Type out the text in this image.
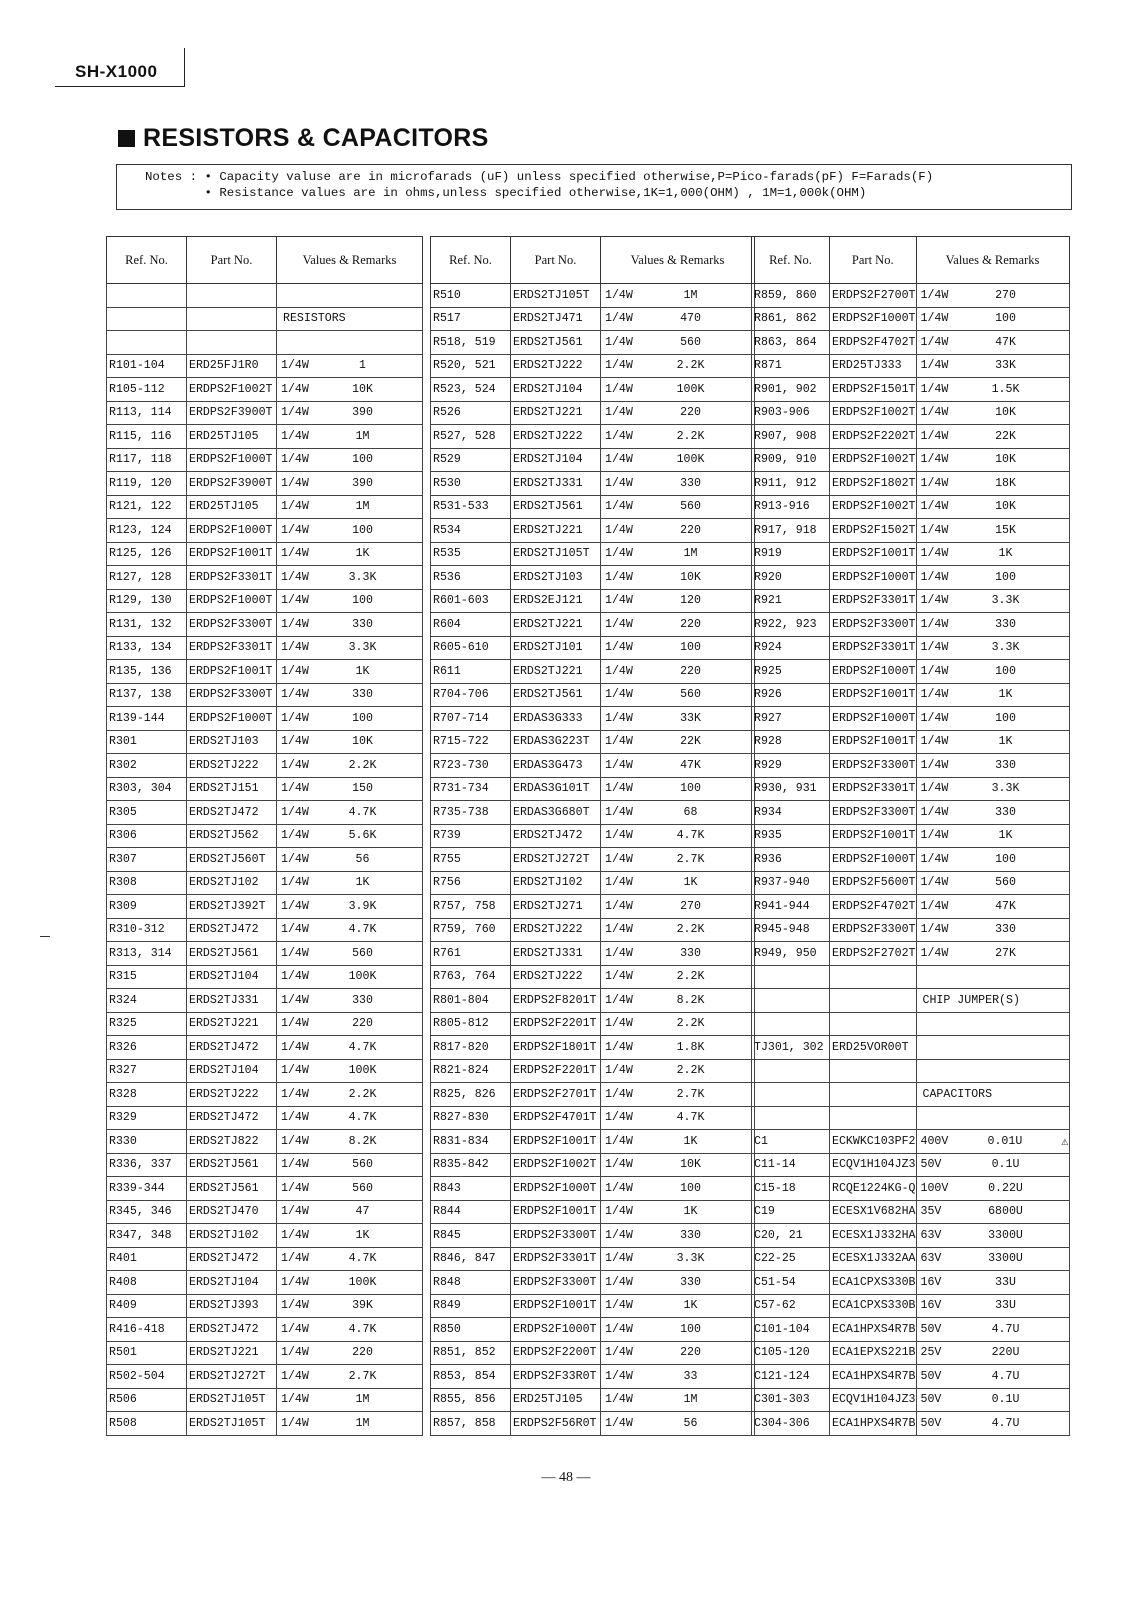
SH-X1000
RESISTORS & CAPACITORS
Notes : • Capacity valuse are in microfarads (uF) unless specified otherwise,P=Pico-farads(pF) F=Farads(F)
• Resistance values are in ohms,unless specified otherwise,1K=1,000(OHM) , 1M=1,000k(OHM)
Ref. No.	Part No.	Values & Remarks

		RESISTORS

R101-104	ERD25FJ1R0	1/4W 1

R105-112	ERDPS2F1002T	1/4W 10K

R113, 114	ERDPS2F3900T	1/4W 390

R115, 116	ERD25TJ105	1/4W 1M

R117, 118	ERDPS2F1000T	1/4W 100

R119, 120	ERDPS2F3900T	1/4W 390

R121, 122	ERD25TJ105	1/4W 1M

R123, 124	ERDPS2F1000T	1/4W 100

R125, 126	ERDPS2F1001T	1/4W 1K

R127, 128	ERDPS2F3301T	1/4W 3.3K

R129, 130	ERDPS2F1000T	1/4W 100

R131, 132	ERDPS2F3300T	1/4W 330

R133, 134	ERDPS2F3301T	1/4W 3.3K

R135, 136	ERDPS2F1001T	1/4W 1K

R137, 138	ERDPS2F3300T	1/4W 330

R139-144	ERDPS2F1000T	1/4W 100

R301	ERDS2TJ103	1/4W 10K

R302	ERDS2TJ222	1/4W 2.2K

R303, 304	ERDS2TJ151	1/4W 150

R305	ERDS2TJ472	1/4W 4.7K

R306	ERDS2TJ562	1/4W 5.6K

R307	ERDS2TJ560T	1/4W 56

R308	ERDS2TJ102	1/4W 1K

R309	ERDS2TJ392T	1/4W 3.9K

R310-312	ERDS2TJ472	1/4W 4.7K

R313, 314	ERDS2TJ561	1/4W 560

R315	ERDS2TJ104	1/4W 100K

R324	ERDS2TJ331	1/4W 330

R325	ERDS2TJ221	1/4W 220

R326	ERDS2TJ472	1/4W 4.7K

R327	ERDS2TJ104	1/4W 100K

R328	ERDS2TJ222	1/4W 2.2K

R329	ERDS2TJ472	1/4W 4.7K

R330	ERDS2TJ822	1/4W 8.2K

R336, 337	ERDS2TJ561	1/4W 560

R339-344	ERDS2TJ561	1/4W 560

R345, 346	ERDS2TJ470	1/4W 47

R347, 348	ERDS2TJ102	1/4W 1K

R401	ERDS2TJ472	1/4W 4.7K

R408	ERDS2TJ104	1/4W 100K

R409	ERDS2TJ393	1/4W 39K

R416-418	ERDS2TJ472	1/4W 4.7K

R501	ERDS2TJ221	1/4W 220

R502-504	ERDS2TJ272T	1/4W 2.7K

R506	ERDS2TJ105T	1/4W 1M

R508	ERDS2TJ105T	1/4W 1M
Ref. No.	Part No.	Values & Remarks
R510	ERDS2TJ105T	1/4W 1M

R517	ERDS2TJ471	1/4W 470

R518, 519	ERDS2TJ561	1/4W 560

R520, 521	ERDS2TJ222	1/4W 2.2K

R523, 524	ERDS2TJ104	1/4W 100K

R526	ERDS2TJ221	1/4W 220

R527, 528	ERDS2TJ222	1/4W 2.2K

R529	ERDS2TJ104	1/4W 100K

R530	ERDS2TJ331	1/4W 330

R531-533	ERDS2TJ561	1/4W 560

R534	ERDS2TJ221	1/4W 220

R535	ERDS2TJ105T	1/4W 1M

R536	ERDS2TJ103	1/4W 10K

R601-603	ERDS2EJ121	1/4W 120

R604	ERDS2TJ221	1/4W 220

R605-610	ERDS2TJ101	1/4W 100

R611	ERDS2TJ221	1/4W 220

R704-706	ERDS2TJ561	1/4W 560

R707-714	ERDAS3G333	1/4W 33K

R715-722	ERDAS3G223T	1/4W 22K

R723-730	ERDAS3G473	1/4W 47K

R731-734	ERDAS3G101T	1/4W 100

R735-738	ERDAS3G680T	1/4W 68

R739	ERDS2TJ472	1/4W 4.7K

R755	ERDS2TJ272T	1/4W 2.7K

R756	ERDS2TJ102	1/4W 1K

R757, 758	ERDS2TJ271	1/4W 270

R759, 760	ERDS2TJ222	1/4W 2.2K

R761	ERDS2TJ331	1/4W 330

R763, 764	ERDS2TJ222	1/4W 2.2K

R801-804	ERDPS2F8201T	1/4W 8.2K

R805-812	ERDPS2F2201T	1/4W 2.2K

R817-820	ERDPS2F1801T	1/4W 1.8K

R821-824	ERDPS2F2201T	1/4W 2.2K

R825, 826	ERDPS2F2701T	1/4W 2.7K

R827-830	ERDPS2F4701T	1/4W 4.7K

R831-834	ERDPS2F1001T	1/4W 1K

R835-842	ERDPS2F1002T	1/4W 10K

R843	ERDPS2F1000T	1/4W 100

R844	ERDPS2F1001T	1/4W 1K

R845	ERDPS2F3300T	1/4W 330

R846, 847	ERDPS2F3301T	1/4W 3.3K

R848	ERDPS2F3300T	1/4W 330

R849	ERDPS2F1001T	1/4W 1K

R850	ERDPS2F1000T	1/4W 100

R851, 852	ERDPS2F2200T	1/4W 220

R853, 854	ERDPS2F33R0T	1/4W 33

R855, 856	ERD25TJ105	1/4W 1M

R857, 858	ERDPS2F56R0T	1/4W 56
Ref. No.	Part No.	Values & Remarks
R859, 860	ERDPS2F2700T	1/4W 270

R861, 862	ERDPS2F1000T	1/4W 100

R863, 864	ERDPS2F4702T	1/4W 47K

R871	ERD25TJ333	1/4W 33K

R901, 902	ERDPS2F1501T	1/4W 1.5K

R903-906	ERDPS2F1002T	1/4W 10K

R907, 908	ERDPS2F2202T	1/4W 22K

R909, 910	ERDPS2F1002T	1/4W 10K

R911, 912	ERDPS2F1802T	1/4W 18K

R913-916	ERDPS2F1002T	1/4W 10K

R917, 918	ERDPS2F1502T	1/4W 15K

R919	ERDPS2F1001T	1/4W 1K

R920	ERDPS2F1000T	1/4W 100

R921	ERDPS2F3301T	1/4W 3.3K

R922, 923	ERDPS2F3300T	1/4W 330

R924	ERDPS2F3301T	1/4W 3.3K

R925	ERDPS2F1000T	1/4W 100

R926	ERDPS2F1001T	1/4W 1K

R927	ERDPS2F1000T	1/4W 100

R928	ERDPS2F1001T	1/4W 1K

R929	ERDPS2F3300T	1/4W 330

R930, 931	ERDPS2F3301T	1/4W 3.3K

R934	ERDPS2F3300T	1/4W 330

R935	ERDPS2F1001T	1/4W 1K

R936	ERDPS2F1000T	1/4W 100

R937-940	ERDPS2F5600T	1/4W 560

R941-944	ERDPS2F4702T	1/4W 47K

R945-948	ERDPS2F3300T	1/4W 330

R949, 950	ERDPS2F2702T	1/4W 27K

		CHIP JUMPER(S)

TJ301, 302	ERD25VOR00T	

		CAPACITORS

C1	ECKWKC103PF2	400V 0.01U ⚠

C11-14	ECQV1H104JZ3	50V 0.1U

C15-18	RCQE1224KG-Q	100V 0.22U

C19	ECESX1V682HA	35V 6800U

C20, 21	ECESX1J332HA	63V 3300U

C22-25	ECESX1J332AA	63V 3300U

C51-54	ECA1CPXS330B	16V 33U

C57-62	ECA1CPXS330B	16V 33U

C101-104	ECA1HPXS4R7B	50V 4.7U

C105-120	ECA1EPXS221B	25V 220U

C121-124	ECA1HPXS4R7B	50V 4.7U

C301-303	ECQV1H104JZ3	50V 0.1U

C304-306	ECA1HPXS4R7B	50V 4.7U
— 48 —
